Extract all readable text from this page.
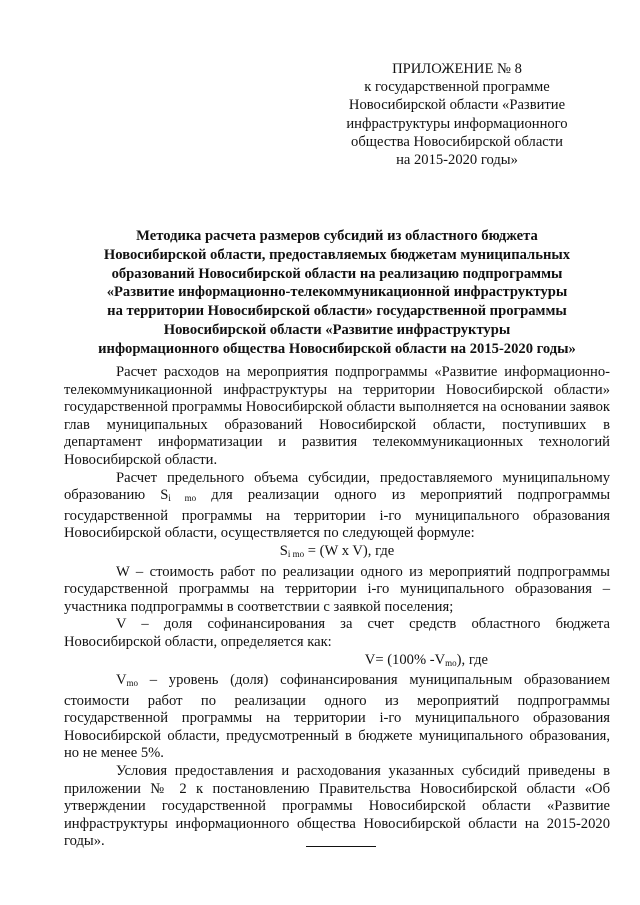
ПРИЛОЖЕНИЕ № 8
к государственной программе
Новосибирской области «Развитие
инфраструктуры информационного
общества Новосибирской области
на 2015-2020 годы»
Методика расчета размеров субсидий из областного бюджета
Новосибирской области, предоставляемых бюджетам муниципальных
образований Новосибирской области на реализацию подпрограммы
«Развитие информационно-телекоммуникационной инфраструктуры
на территории Новосибирской области» государственной программы
Новосибирской области «Развитие инфраструктуры
информационного общества Новосибирской области на 2015-2020 годы»

Расчет расходов на мероприятия подпрограммы «Развитие информационно-телекоммуникационной инфраструктуры на территории Новосибирской области» государственной программы Новосибирской области выполняется на основании заявок глав муниципальных образований Новосибирской области, поступивших в департамент информатизации и развития телекоммуникационных технологий Новосибирской области.

Расчет предельного объема субсидии, предоставляемого муниципальному образованию $S_{i mo}$ для реализации одного из мероприятий подпрограммы государственной программы на территории i-го муниципального образования Новосибирской области, осуществляется по следующей формуле:

$S_{i mo} = (W$ x V), где

W – стоимость работ по реализации одного из мероприятий подпрограммы государственной программы на территории i-го муниципального образования – участника подпрограммы в соответствии с заявкой поселения;

V – доля софинансирования за счет средств областного бюджета Новосибирской области, определяется как:

V= (100% $-V_{mo}$), где

$V_{mo}$ – уровень (доля) софинансирования муниципальным образованием стоимости работ по реализации одного из мероприятий подпрограммы государственной программы на территории i-го муниципального образования Новосибирской области, предусмотренный в бюджете муниципального образования, но не менее 5%.

Условия предоставления и расходования указанных субсидий приведены в приложении № 2 к постановлению Правительства Новосибирской области «Об утверждении государственной программы Новосибирской области «Развитие инфраструктуры информационного общества Новосибирской области на 2015-2020 годы».
